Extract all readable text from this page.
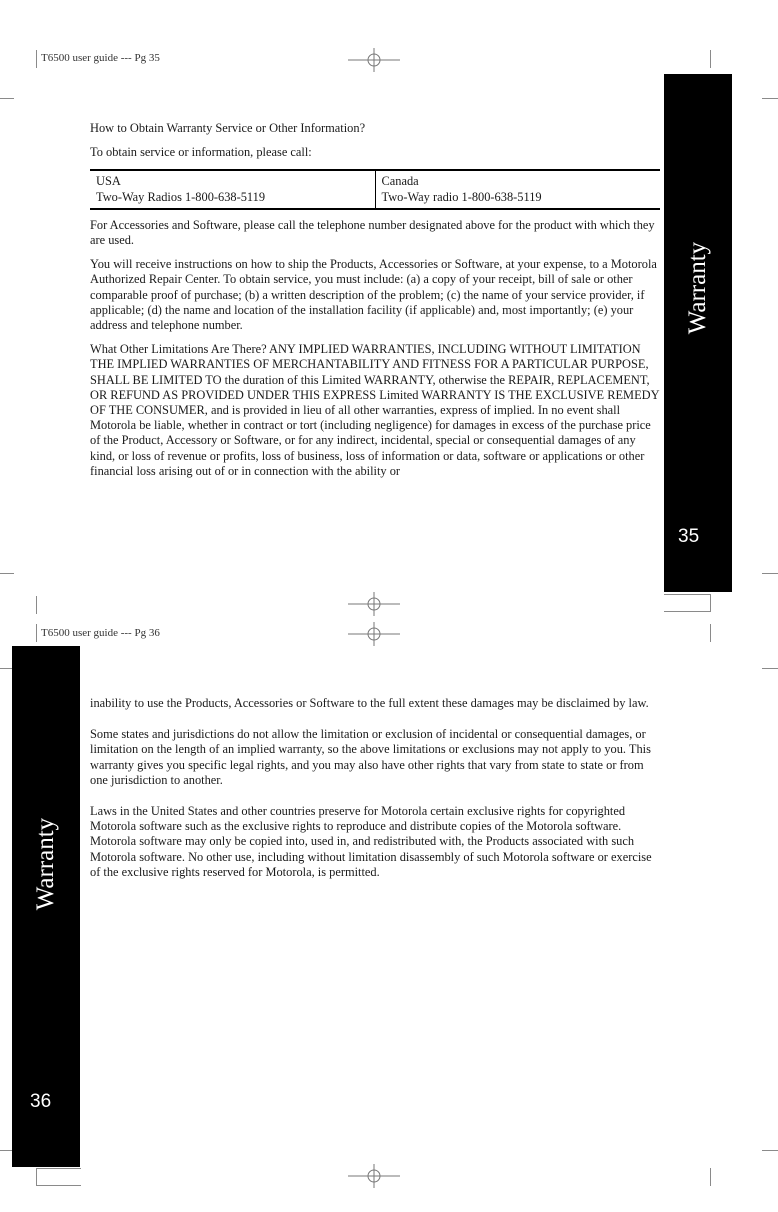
T6500 user guide --- Pg 35
Warranty
35

How to Obtain Warranty Service or Other Information?

To obtain service or information, please call:

USA
Two-Way Radios 1-800-638-5119

Canada
Two-Way radio 1-800-638-5119

For Accessories and Software, please call the telephone number designated above for the product with which they are used.

You will receive instructions on how to ship the Products, Accessories or Software, at your expense, to a Motorola Authorized Repair Center. To obtain service, you must include: (a) a copy of your receipt, bill of sale or other comparable proof of purchase; (b) a written description of the problem; (c) the name of your service provider, if applicable; (d) the name and location of the installation facility (if applicable) and, most importantly; (e) your address and telephone number.

What Other Limitations Are There? ANY IMPLIED WARRANTIES, INCLUDING WITHOUT LIMITATION THE IMPLIED WARRANTIES OF MERCHANTABILITY AND FITNESS FOR A PARTICULAR PURPOSE, SHALL BE LIMITED TO the duration of this Limited WARRANTY, otherwise the REPAIR, REPLACEMENT, OR REFUND AS PROVIDED UNDER THIS EXPRESS Limited WARRANTY IS THE EXCLUSIVE REMEDY OF THE CONSUMER, and is provided in lieu of all other warranties, express of implied. In no event shall Motorola be liable, whether in contract or tort (including negligence) for damages in excess of the purchase price of the Product, Accessory or Software, or for any indirect, incidental, special or consequential damages of any kind, or loss of revenue or profits, loss of business, loss of information or data, software or applications or other financial loss arising out of or in connection with the ability or

T6500 user guide --- Pg 36
Warranty
36

inability to use the Products, Accessories or Software to the full extent these damages may be disclaimed by law.

Some states and jurisdictions do not allow the limitation or exclusion of incidental or consequential damages, or limitation on the length of an implied warranty, so the above limitations or exclusions may not apply to you. This warranty gives you specific legal rights, and you may also have other rights that vary from state to state or from one jurisdiction to another.

Laws in the United States and other countries preserve for Motorola certain exclusive rights for copyrighted Motorola software such as the exclusive rights to reproduce and distribute copies of the Motorola software. Motorola software may only be copied into, used in, and redistributed with, the Products associated with such Motorola software. No other use, including without limitation disassembly of such Motorola software or exercise of the exclusive rights reserved for Motorola, is permitted.
